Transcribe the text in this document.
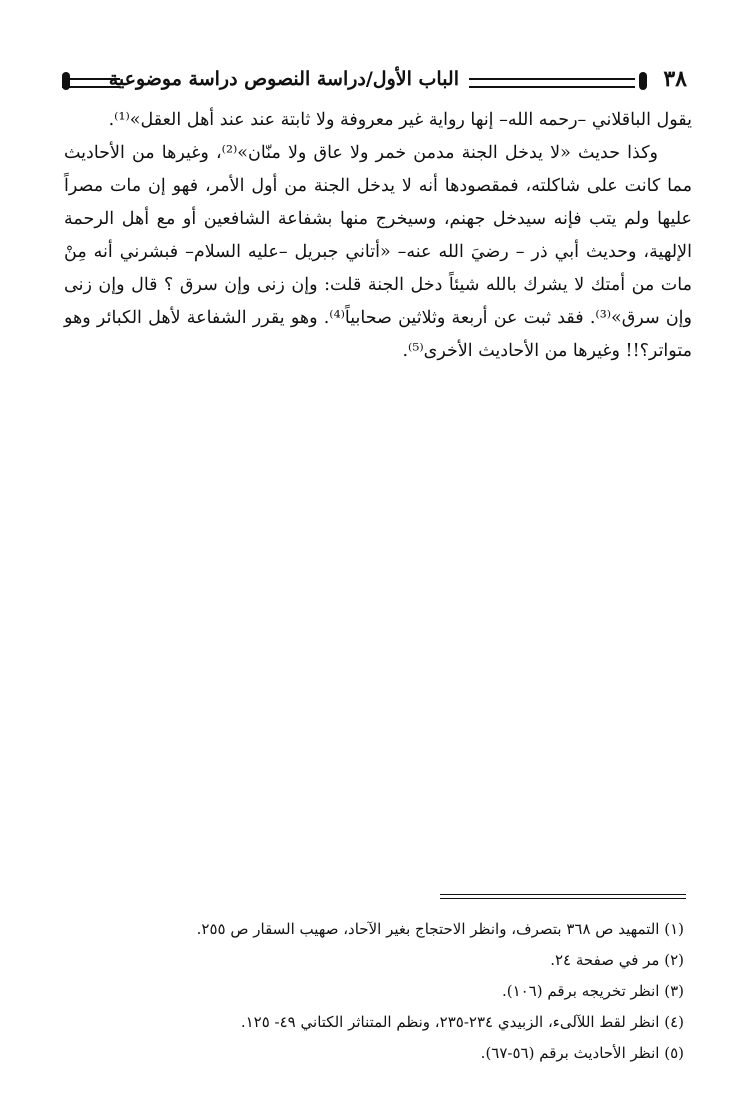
٣٨
الباب الأول/دراسة النصوص دراسة موضوعية

يقول الباقلاني –رحمه الله– إنها رواية غير معروفة ولا ثابتة عند عند أهل العقل»⁽¹⁾.

وكذا حديث «لا يدخل الجنة مدمن خمر ولا عاق ولا منّان»⁽²⁾، وغيرها من الأحاديث مما كانت على شاكلته، فمقصودها أنه لا يدخل الجنة من أول الأمر، فهو إن مات مصراً عليها ولم يتب فإنه سيدخل جهنم، وسيخرج منها بشفاعة الشافعين أو مع أهل الرحمة الإلهية، وحديث أبي ذر – رضيَ الله عنه– «أتاني جبريل –عليه السلام– فبشرني أنه مِنْ مات من أمتك لا يشرك بالله شيئاً دخل الجنة قلت: وإن زنى وإن سرق ؟ قال وإن زنى وإن سرق»⁽³⁾. فقد ثبت عن أربعة وثلاثين صحابياً⁽⁴⁾. وهو يقرر الشفاعة لأهل الكبائر وهو متواتر؟!! وغيرها من الأحاديث الأخرى⁽⁵⁾.

(١) التمهيد ص ٣٦٨ بتصرف، وانظر الاحتجاج بغير الآحاد، صهيب السقار ص ٢٥٥.
(٢) مر في صفحة ٢٤.
(٣) انظر تخريجه برقم (١٠٦).
(٤) انظر لقط اللآلىء، الزبيدي ٢٣٤-٢٣٥، ونظم المتناثر الكتاني ٤٩- ١٢٥.
(٥) انظر الأحاديث برقم (٥٦-٦٧).
